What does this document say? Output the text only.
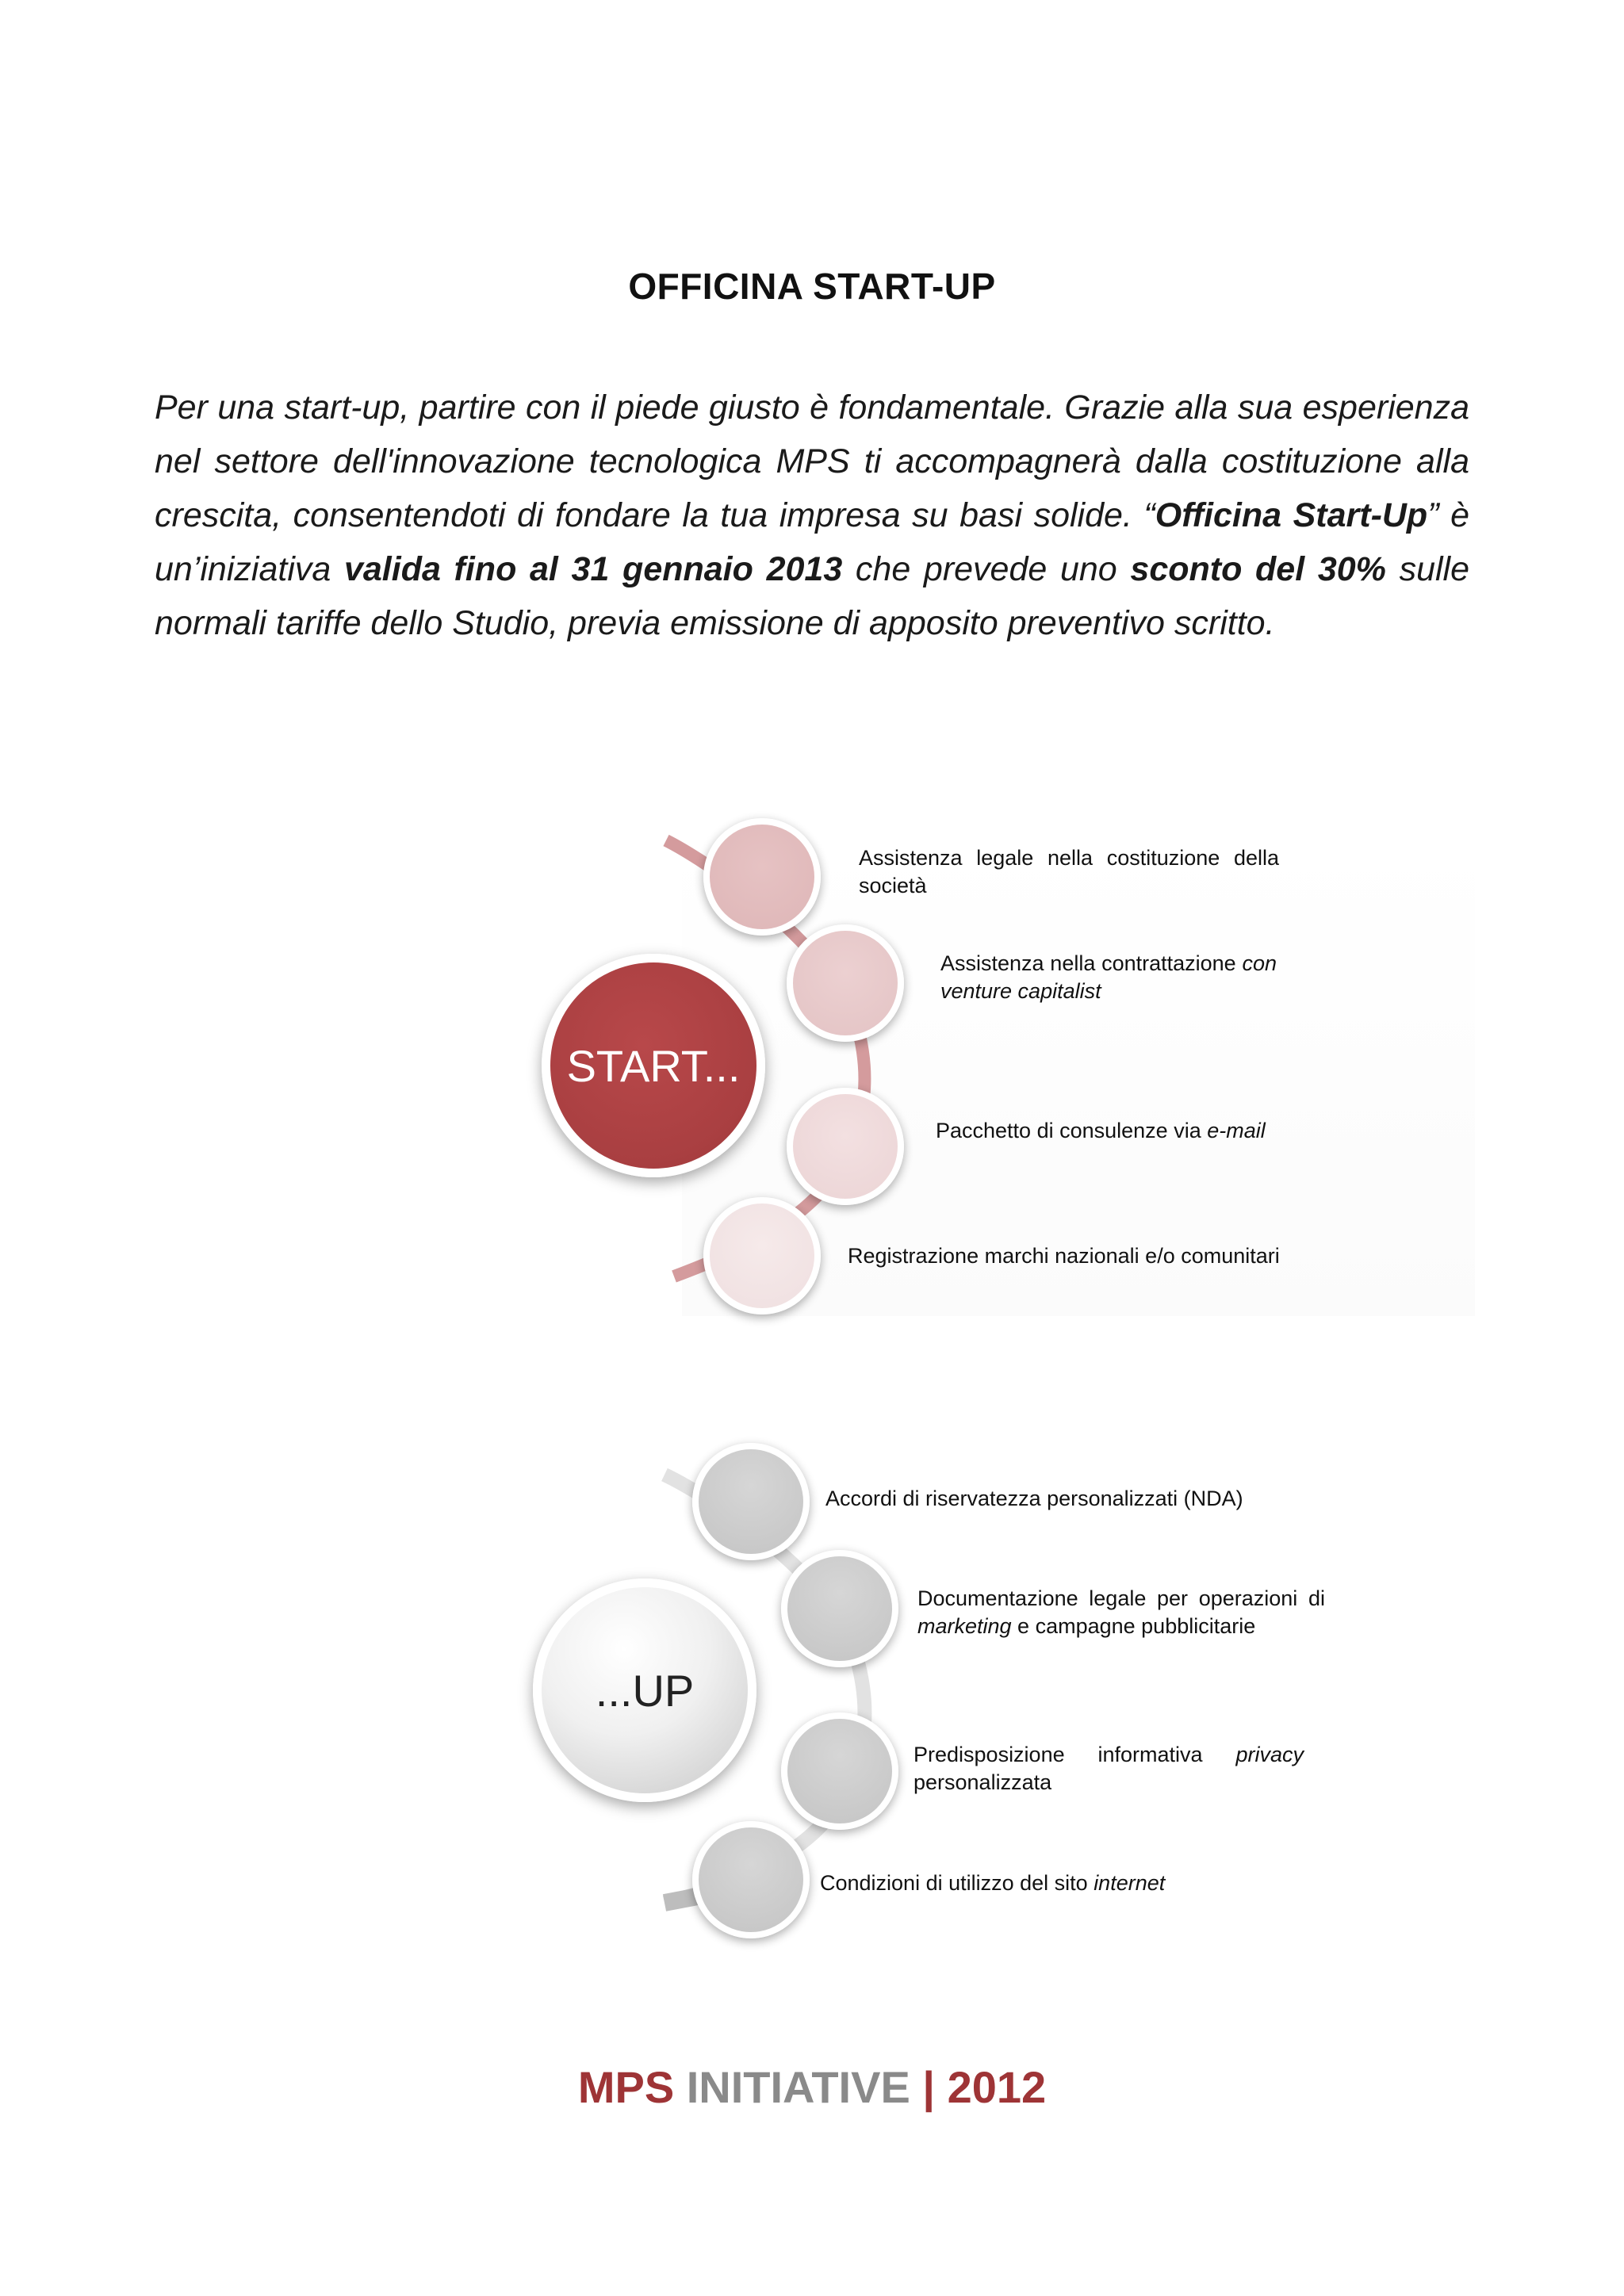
OFFICINA START-UP
Per una start-up, partire con il piede giusto è fondamentale. Grazie alla sua esperienza nel settore dell'innovazione tecnologica MPS ti accompagnerà dalla costituzione alla crescita, consentendoti di fondare la tua impresa su basi solide. “Officina Start-Up” è un’iniziativa valida fino al 31 gennaio 2013 che prevede uno sconto del 30% sulle normali tariffe dello Studio, previa emissione di apposito preventivo scritto.
START...
Assistenza legale nella costituzione della società
Assistenza nella contrattazione con venture capitalist
Pacchetto di consulenze via e-mail
Registrazione marchi nazionali e/o comunitari
...UP
Accordi di riservatezza personalizzati (NDA)
Documentazione legale per operazioni di marketing e campagne pubblicitarie
Predisposizione informativa privacy personalizzata
Condizioni di utilizzo del sito internet
MPS INITIATIVE | 2012
